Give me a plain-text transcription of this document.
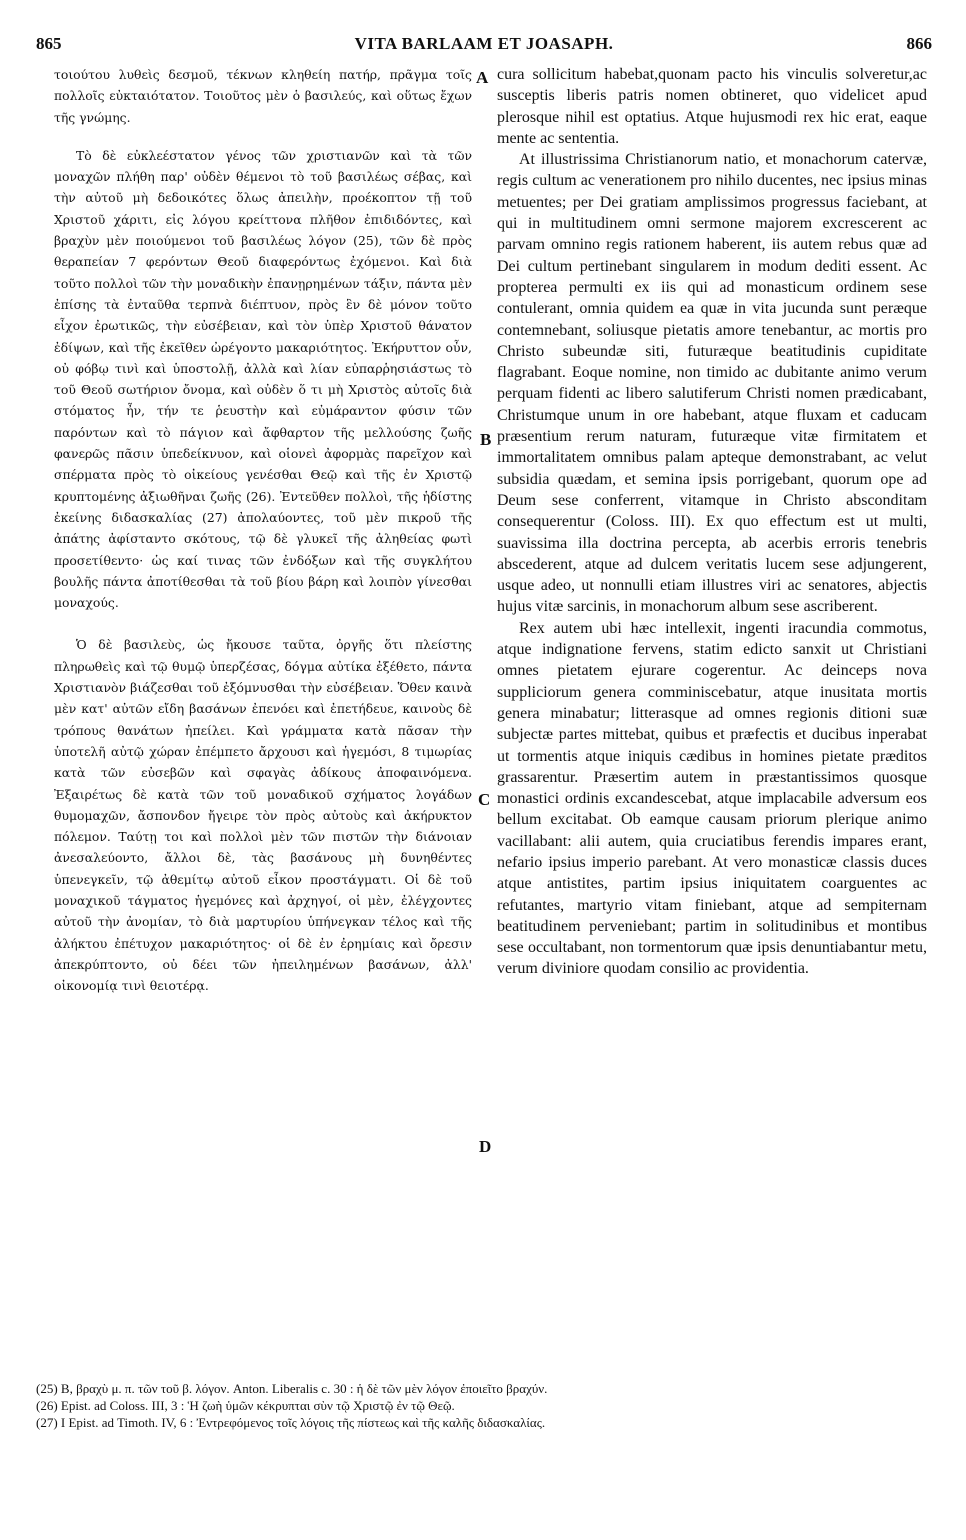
865	VITA BARLAAM ET JOASAPH.	866

τοιούτου λυθεὶς δεσμοῦ, τέκνων κληθείη πατήρ, πρᾶγμα τοῖς πολλοῖς εὐκταιότατον. Τοιοῦτος μὲν ὁ βασιλεύς, καὶ οὕτως ἔχων τῆς γνώμης.

Τὸ δὲ εὐκλεέστατον γένος τῶν χριστιανῶν καὶ τὰ τῶν μοναχῶν πλήθη παρ' οὐδὲν θέμενοι τὸ τοῦ βασιλέως σέβας, καὶ τὴν αὐτοῦ μὴ δεδοικότες ὅλως ἀπειλὴν, προέκοπτον τῇ τοῦ Χριστοῦ χάριτι, εἰς λόγου κρείττονα πλῆθον ἐπιδιδόντες, καὶ βραχὺν μὲν ποιούμενοι τοῦ βασιλέως λόγον (25), τῶν δὲ πρὸς θεραπείαν 7 φερόντων Θεοῦ διαφερόντως ἐχόμενοι. Καὶ διὰ τοῦτο πολλοὶ τῶν τὴν μοναδικὴν ἐπανῃρημένων τάξιν, πάντα μὲν ἐπίσης τὰ ἐνταῦθα τερπνὰ διέπτυον, πρὸς ἓν δὲ μόνον τοῦτο εἶχον ἐρωτικῶς, τὴν εὐσέβειαν, καὶ τὸν ὑπὲρ Χριστοῦ θάνατον ἐδίψων, καὶ τῆς ἐκεῖθεν ὠρέγοντο μακαριότητος. Ἐκήρυττον οὖν, οὐ φόβῳ τινὶ καὶ ὑποστολῇ, ἀλλὰ καὶ λίαν εὐπαρῥησιάστως τὸ τοῦ Θεοῦ σωτήριον ὄνομα, καὶ οὐδὲν ὅ τι μὴ Χριστὸς αὐτοῖς διὰ στόματος ἦν, τήν τε ῥευστὴν καὶ εὐμάραντον φύσιν τῶν παρόντων καὶ τὸ πάγιον καὶ ἄφθαρτον τῆς μελλούσης ζωῆς φανερῶς πᾶσιν ὑπεδείκνυον, καὶ οἱονεὶ ἀφορμὰς παρεῖχον καὶ σπέρματα πρὸς τὸ οἰκείους γενέσθαι Θεῷ καὶ τῆς ἐν Χριστῷ κρυπτομένης ἀξιωθῆναι ζωῆς (26). Ἐντεῦθεν πολλοὶ, τῆς ἡδίστης ἐκείνης διδασκαλίας (27) ἀπολαύοντες, τοῦ μὲν πικροῦ τῆς ἀπάτης ἀφίσταντο σκότους, τῷ δὲ γλυκεῖ τῆς ἀληθείας φωτὶ προσετίθεντο· ὡς καί τινας τῶν ἐνδόξων καὶ τῆς συγκλήτου βουλῆς πάντα ἀποτίθεσθαι τὰ τοῦ βίου βάρη καὶ λοιπὸν γίνεσθαι μοναχούς.

Ὁ δὲ βασιλεὺς, ὡς ἤκουσε ταῦτα, ὀργῆς ὅτι πλείστης πληρωθεὶς καὶ τῷ θυμῷ ὑπερζέσας, δόγμα αὐτίκα ἐξέθετο, πάντα Χριστιανὸν βιάζεσθαι τοῦ ἐξόμνυσθαι τὴν εὐσέβειαν. Ὅθεν καινὰ μὲν κατ' αὐτῶν εἴδη βασάνων ἐπενόει καὶ ἐπετήδευε, καινοὺς δὲ τρόπους θανάτων ἠπείλει. Καὶ γράμματα κατὰ πᾶσαν τὴν ὑποτελῆ αὐτῷ χώραν ἐπέμπετο ἄρχουσι καὶ ἡγεμόσι, 8 τιμωρίας κατὰ τῶν εὐσεβῶν καὶ σφαγὰς ἀδίκους ἀποφαινόμενα. Ἐξαιρέτως δὲ κατὰ τῶν τοῦ μοναδικοῦ σχήματος λογάδων θυμομαχῶν, ἄσπονδον ἤγειρε τὸν πρὸς αὐτοὺς καὶ ἀκήρυκτον πόλεμον. Ταύτῃ τοι καὶ πολλοὶ μὲν τῶν πιστῶν τὴν διάνοιαν ἀνεσαλεύοντο, ἄλλοι δὲ, τὰς βασάνους μὴ δυνηθέντες ὑπενεγκεῖν, τῷ ἀθεμίτῳ αὐτοῦ εἶκον προστάγματι. Οἱ δὲ τοῦ μοναχικοῦ τάγματος ἡγεμόνες καὶ ἀρχηγοί, οἱ μὲν, ἐλέγχοντες αὐτοῦ τὴν ἀνομίαν, τὸ διὰ μαρτυρίου ὑπήνεγκαν τέλος καὶ τῆς ἀλήκτου ἐπέτυχον μακαριότητος· οἱ δὲ ἐν ἐρημίαις καὶ ὄρεσιν ἀπεκρύπτοντο, οὐ δέει τῶν ἠπειλημένων βασάνων, ἀλλ' οἰκονομίᾳ τινὶ θειοτέρᾳ.

A
B
C
D

cura sollicitum habebat,quonam pacto his vinculis solveretur,ac susceptis liberis patris nomen obtineret, quo videlicet apud plerosque nihil est optatius. Atque hujusmodi rex hic erat, eaque mente ac sententia.

At illustrissima Christianorum natio, et monachorum catervæ, regis cultum ac venerationem pro nihilo ducentes, nec ipsius minas metuentes; per Dei gratiam amplissimos progressus faciebant, at qui in multitudinem omni sermone majorem excrescerent ac parvam omnino regis rationem haberent, iis autem rebus quæ ad Dei cultum pertinebant singularem in modum dediti essent. Ac propterea permulti ex iis qui ad monasticum ordinem sese contulerant, omnia quidem ea quæ in vita jucunda sunt peræque contemnebant, soliusque pietatis amore tenebantur, ac mortis pro Christo subeundæ siti, futuræque beatitudinis cupiditate flagrabant. Eoque nomine, non timido ac dubitante animo verum perquam fidenti ac libero salutiferum Christi nomen prædicabant, Christumque unum in ore habebant, atque fluxam et caducam præsentium rerum naturam, futuræque vitæ firmitatem et immortalitatem omnibus palam apteque demonstrabant, ac velut subsidia quædam, et semina ipsis porrigebant, quorum ope ad Deum sese conferrent, vitamque in Christo absconditam consequerentur (Coloss. III). Ex quo effectum est ut multi, suavissima illa doctrina percepta, ab acerbis erroris tenebris abscederent, atque ad dulcem veritatis lucem sese adjungerent, usque adeo, ut nonnulli etiam illustres viri ac senatores, abjectis hujus vitæ sarcinis, in monachorum album sese ascriberent.

Rex autem ubi hæc intellexit, ingenti iracundia commotus, atque indignatione fervens, statim edicto sanxit ut Christiani omnes pietatem ejurare cogerentur. Ac deinceps nova suppliciorum genera comminiscebatur, atque inusitata mortis genera minabatur; litterasque ad omnes regionis ditioni suæ subjectæ partes mittebat, quibus et præfectis et ducibus inperabat ut tormentis atque iniquis cædibus in homines pietate præditos grassarentur. Præsertim autem in præstantissimos quosque monastici ordinis excandescebat, atque implacabile adversum eos bellum excitabat. Ob eamque causam priorum plerique animo vacillabant: alii autem, quia cruciatibus ferendis impares erant, nefario ipsius imperio parebant. At vero monasticæ classis duces atque antistites, partim ipsius iniquitatem coarguentes ac refutantes, martyrio vitam finiebant, atque ad sempiternam beatitudinem perveniebant; partim in solitudinibus et montibus sese occultabant, non tormentorum quæ ipsis denuntiabantur metu, verum diviniore quodam consilio ac providentia.

(25) B, βραχὺ μ. π. τῶν τοῦ β. λόγον. Anton. Liberalis c. 30 : ἡ δὲ τῶν μὲν λόγον ἐποιεῖτο βραχύν.
(26) Epist. ad Coloss. III, 3 : Ἡ ζωὴ ὑμῶν κέκρυπται σὺν τῷ Χριστῷ ἐν τῷ Θεῷ.
(27) I Epist. ad Timoth. IV, 6 : Ἐντρεφόμενος τοῖς λόγοις τῆς πίστεως καὶ τῆς καλῆς διδασκαλίας.
